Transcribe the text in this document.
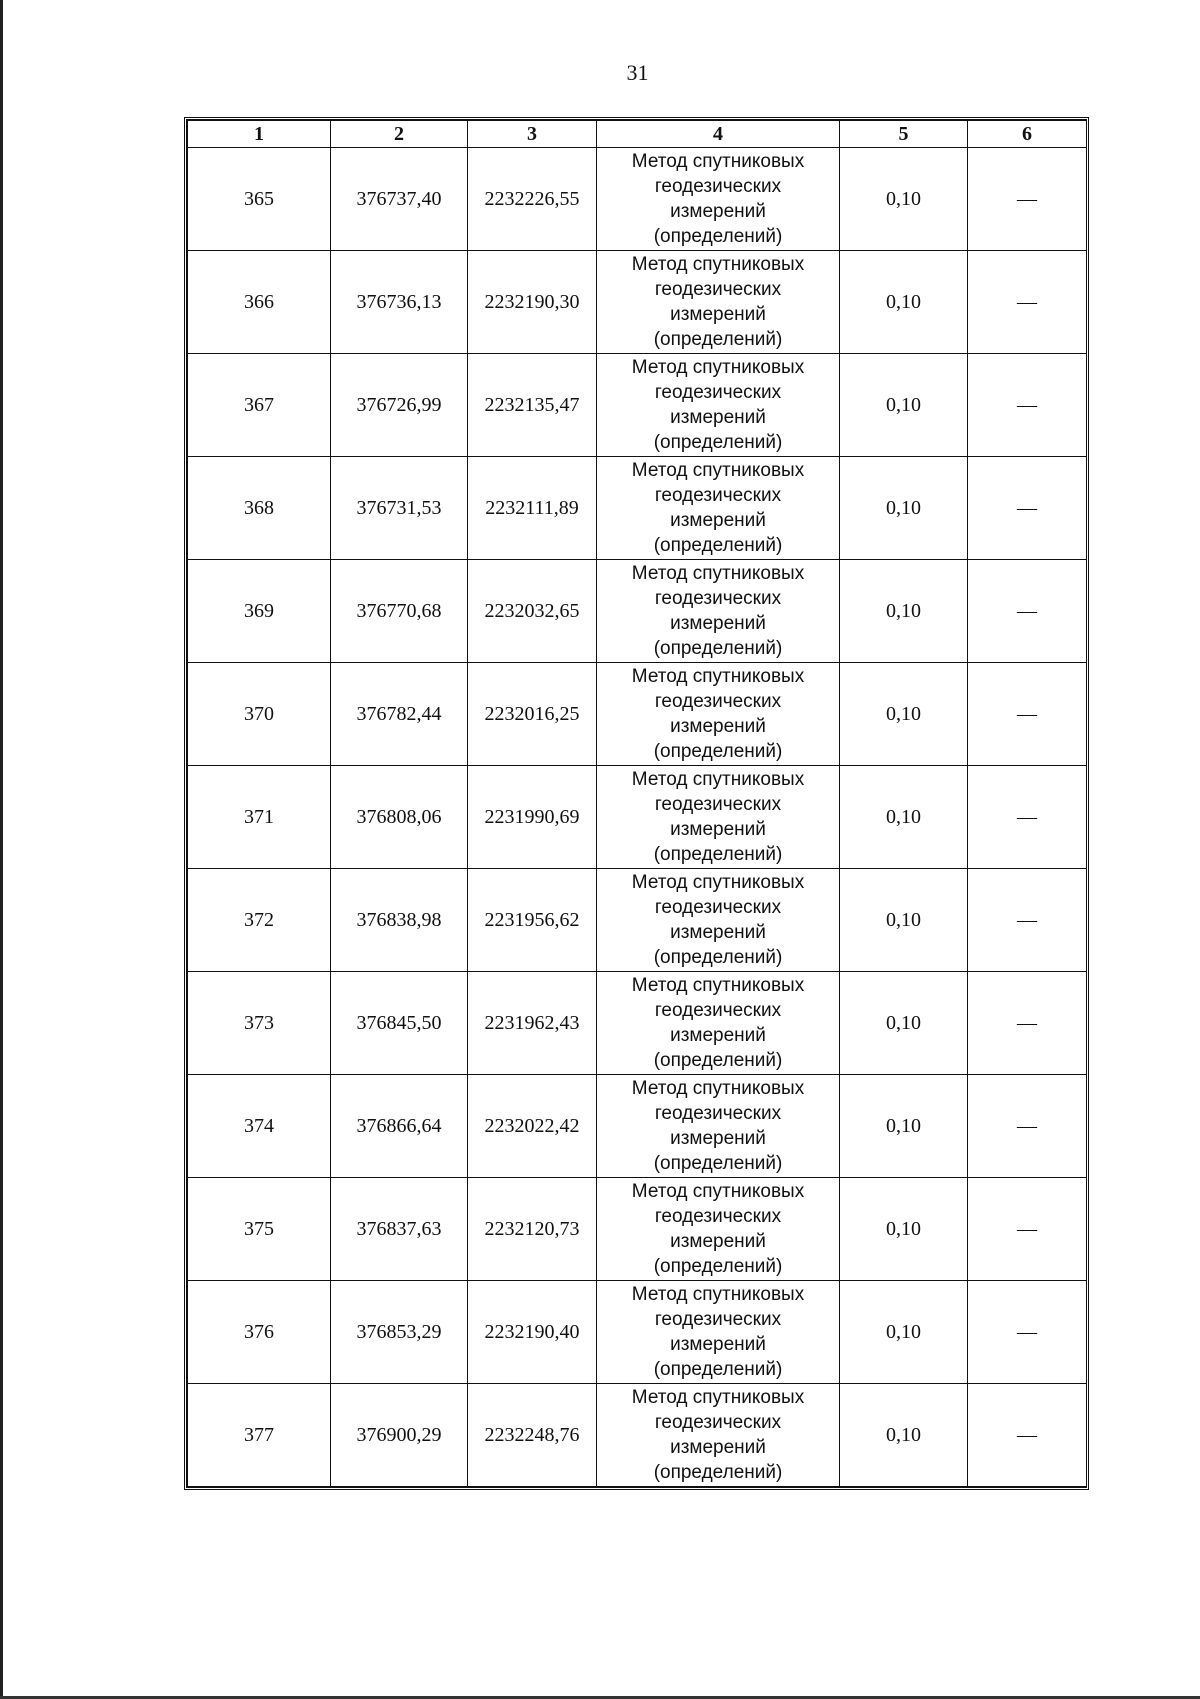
31
1	2	3	4	5	6
365	376737,40	2232226,55	Метод спутниковых
геодезических
измерений
(определений)	0,10	—
366	376736,13	2232190,30	Метод спутниковых
геодезических
измерений
(определений)	0,10	—
367	376726,99	2232135,47	Метод спутниковых
геодезических
измерений
(определений)	0,10	—
368	376731,53	2232111,89	Метод спутниковых
геодезических
измерений
(определений)	0,10	—
369	376770,68	2232032,65	Метод спутниковых
геодезических
измерений
(определений)	0,10	—
370	376782,44	2232016,25	Метод спутниковых
геодезических
измерений
(определений)	0,10	—
371	376808,06	2231990,69	Метод спутниковых
геодезических
измерений
(определений)	0,10	—
372	376838,98	2231956,62	Метод спутниковых
геодезических
измерений
(определений)	0,10	—
373	376845,50	2231962,43	Метод спутниковых
геодезических
измерений
(определений)	0,10	—
374	376866,64	2232022,42	Метод спутниковых
геодезических
измерений
(определений)	0,10	—
375	376837,63	2232120,73	Метод спутниковых
геодезических
измерений
(определений)	0,10	—
376	376853,29	2232190,40	Метод спутниковых
геодезических
измерений
(определений)	0,10	—
377	376900,29	2232248,76	Метод спутниковых
геодезических
измерений
(определений)	0,10	—
